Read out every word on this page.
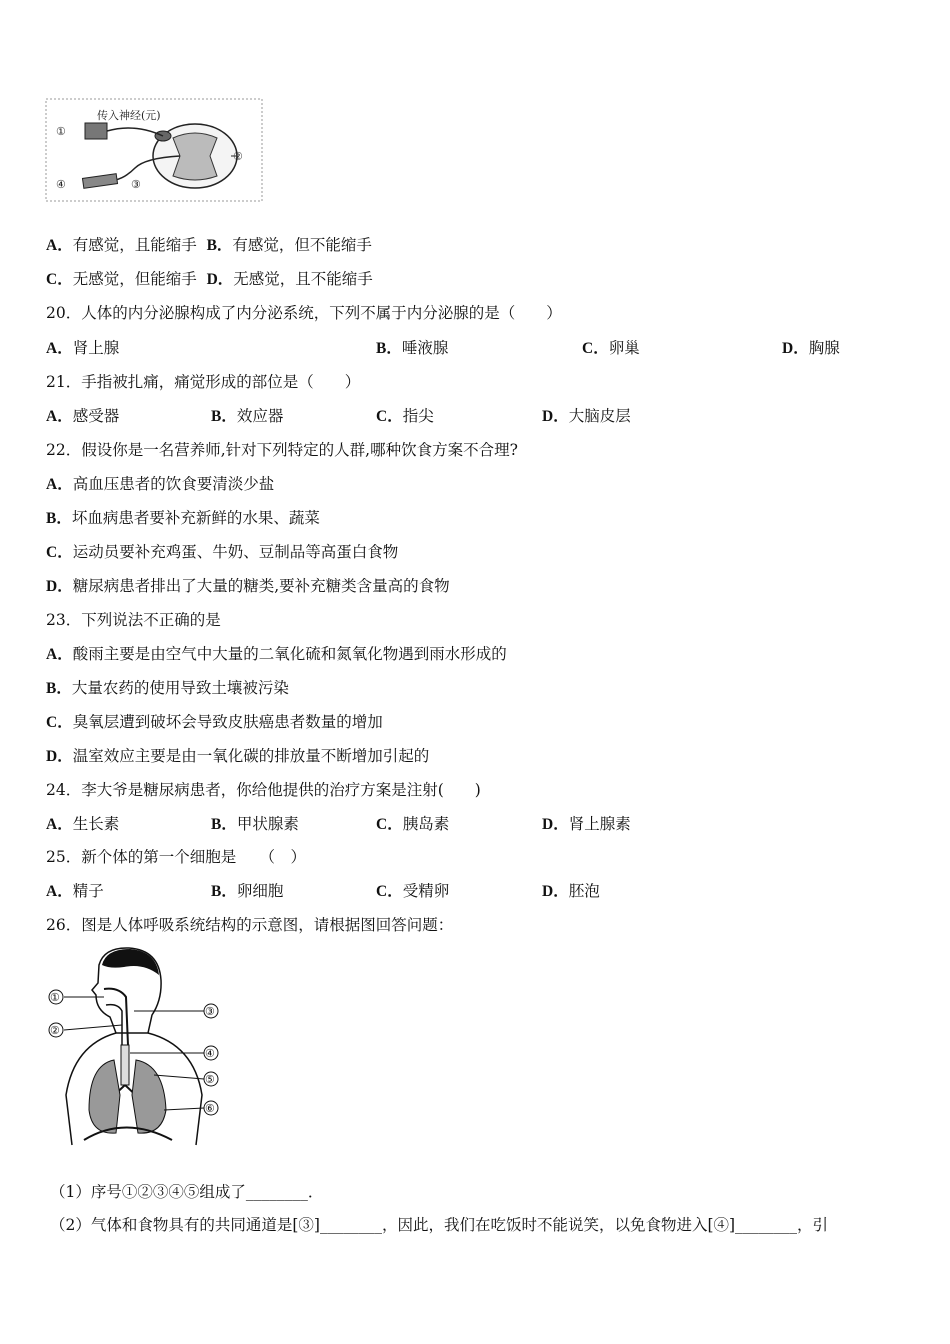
传入神经(元)
①
②
③
④
A．有感觉，且能缩手 B．有感觉，但不能缩手
C．无感觉，但能缩手 D．无感觉，且不能缩手
20．人体的内分泌腺构成了内分泌系统，下列不属于内分泌腺的是（　　）
A．肾上腺	B．唾液腺	C．卵巢	D．胸腺
21．手指被扎痛，痛觉形成的部位是（　　）
A．感受器	B．效应器	C．指尖	D．大脑皮层
22．假设你是一名营养师,针对下列特定的人群,哪种饮食方案不合理?
A．高血压患者的饮食要清淡少盐
B．坏血病患者要补充新鲜的水果、蔬菜
C．运动员要补充鸡蛋、牛奶、豆制品等高蛋白食物
D．糖尿病患者排出了大量的糖类,要补充糖类含量高的食物
23．下列说法不正确的是
A．酸雨主要是由空气中大量的二氧化硫和氮氧化物遇到雨水形成的
B．大量农药的使用导致土壤被污染
C．臭氧层遭到破坏会导致皮肤癌患者数量的增加
D．温室效应主要是由一氧化碳的排放量不断增加引起的
24．李大爷是糖尿病患者，你给他提供的治疗方案是注射(　　)
A．生长素	B．甲状腺素	C．胰岛素	D．肾上腺素
25．新个体的第一个细胞是　　（　）
A．精子	B．卵细胞	C．受精卵	D．胚泡
26．图是人体呼吸系统结构的示意图，请根据图回答问题：
①
②
③
④
⑤
⑥
（1）序号①②③④⑤组成了________．
（2）气体和食物具有的共同通道是[③]________，因此，我们在吃饭时不能说笑，以免食物进入[④]________，引
